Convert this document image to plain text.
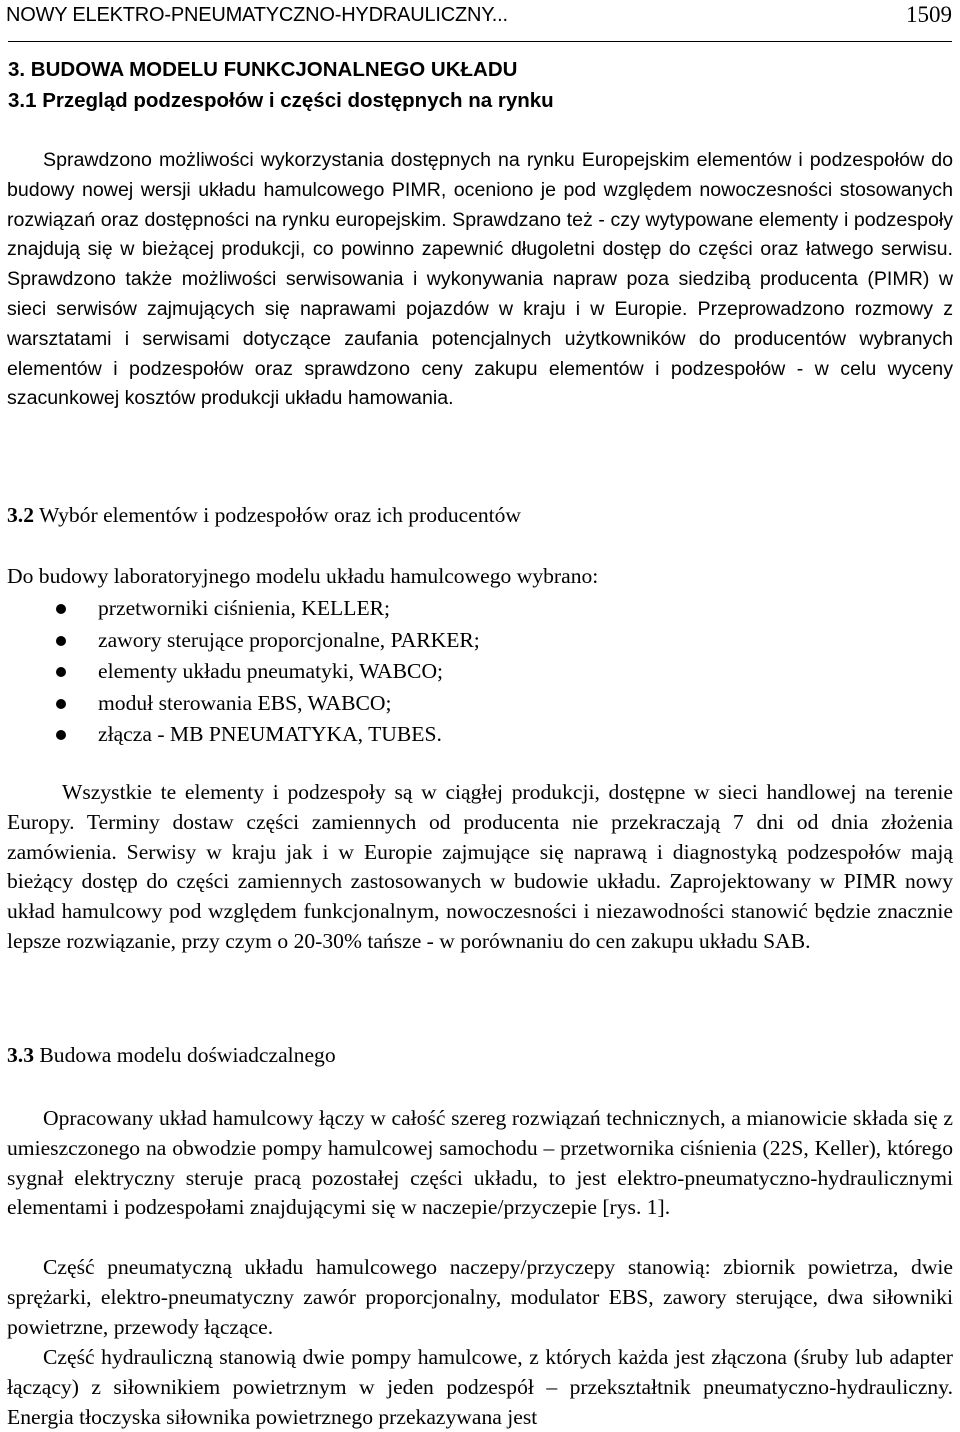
NOWY ELEKTRO-PNEUMATYCZNO-HYDRAULICZNY...	1509
3. BUDOWA MODELU FUNKCJONALNEGO UKŁADU
3.1 Przegląd podzespołów i części dostępnych na rynku

Sprawdzono możliwości wykorzystania dostępnych na rynku Europejskim elementów i podzespołów do budowy nowej wersji układu hamulcowego PIMR, oceniono je pod względem nowoczesności stosowanych rozwiązań oraz dostępności na rynku europejskim. Sprawdzano też - czy wytypowane elementy i podzespoły znajdują się w bieżącej produkcji, co powinno zapewnić długoletni dostęp do części oraz łatwego serwisu. Sprawdzono także możliwości serwisowania i wykonywania napraw poza siedzibą producenta (PIMR) w sieci serwisów zajmujących się naprawami pojazdów w kraju i w Europie. Przeprowadzono rozmowy z warsztatami i serwisami dotyczące zaufania potencjalnych użytkowników do producentów wybranych elementów i podzespołów oraz sprawdzono ceny zakupu elementów i podzespołów - w celu wyceny szacunkowej kosztów produkcji układu hamowania.

3.2 Wybór elementów i podzespołów oraz ich producentów

Do budowy laboratoryjnego modelu układu hamulcowego wybrano:

przetworniki ciśnienia, KELLER;
zawory sterujące proporcjonalne, PARKER;
elementy układu pneumatyki, WABCO;
moduł sterowania EBS, WABCO;
złącza - MB PNEUMATYKA, TUBES.

Wszystkie te elementy i podzespoły są w ciągłej produkcji, dostępne w sieci handlowej na terenie Europy. Terminy dostaw części zamiennych od producenta nie przekraczają 7 dni od dnia złożenia zamówienia. Serwisy w kraju jak i w Europie zajmujące się naprawą i diagnostyką podzespołów mają bieżący dostęp do części zamiennych zastosowanych w budowie układu. Zaprojektowany w PIMR nowy układ hamulcowy pod względem funkcjonalnym, nowoczesności i niezawodności stanowić będzie znacznie lepsze rozwiązanie, przy czym o 20-30% tańsze - w porównaniu do cen zakupu układu SAB.

3.3 Budowa modelu doświadczalnego

Opracowany układ hamulcowy łączy w całość szereg rozwiązań technicznych, a mianowicie składa się z umieszczonego na obwodzie pompy hamulcowej samochodu – przetwornika ciśnienia (22S, Keller), którego sygnał elektryczny steruje pracą pozostałej części układu, to jest elektro-pneumatyczno-hydraulicznymi elementami i podzespołami znajdującymi się w naczepie/przyczepie [rys. 1].

Część pneumatyczną układu hamulcowego naczepy/przyczepy stanowią: zbiornik powietrza, dwie sprężarki, elektro-pneumatyczny zawór proporcjonalny, modulator EBS, zawory sterujące, dwa siłowniki powietrzne, przewody łączące.

Część hydrauliczną stanowią dwie pompy hamulcowe, z których każda jest złączona (śruby lub adapter łączący) z siłownikiem powietrznym w jeden podzespół – przekształtnik pneumatyczno-hydrauliczny. Energia tłoczyska siłownika powietrznego przekazywana jest
